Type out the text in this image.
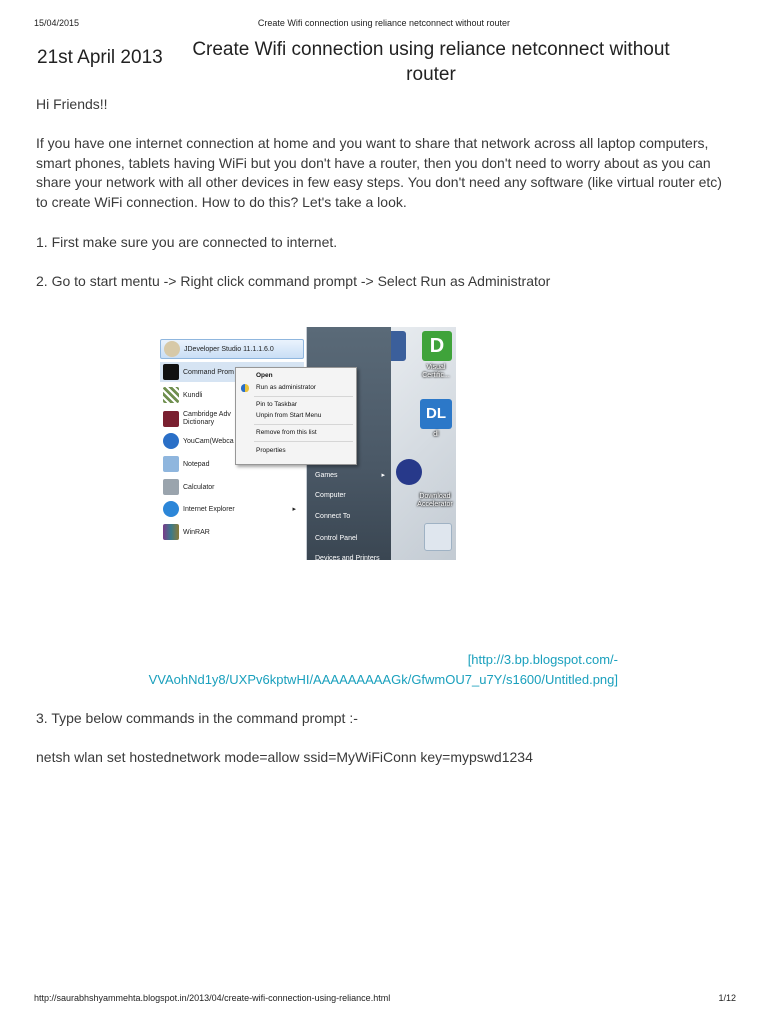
15/04/2015	Create Wifi connection using reliance netconnect without router
21st April 2013	Create Wifi connection using reliance netconnect without router

Hi Friends!!

If you have one internet connection at home and you want to share that network across all laptop computers, smart phones, tablets having WiFi but you don't have a router, then you don't need to worry about as you can share your network with all other devices in few easy steps. You don't need any software (like virtual router etc) to create WiFi connection. How to do this? Let's take a look.

1. First make sure you are connected to internet.

2. Go to start mentu -> Right click command prompt -> Select Run as Administrator

D
Visual Certific...
DL
dl
Download Accelerator
JDeveloper Studio 11.1.1.6.0
Command Prom
Kundli
Cambridge Adv Dictionary
YouCam(Webca
Notepad
Calculator
Internet Explorer	▸
WinRAR
Games	▸
Computer
Connect To
Control Panel
Devices and Printers
Open
Run as administrator
Pin to Taskbar
Unpin from Start Menu
Remove from this list
Properties
[http://3.bp.blogspot.com/-
VVAohNd1y8/UXPv6kptwHI/AAAAAAAAAGk/GfwmOU7_u7Y/s1600/Untitled.png]

3. Type below commands in the command prompt :-

netsh wlan set hostednetwork mode=allow ssid=MyWiFiConn key=mypswd1234

http://saurabhshyammehta.blogspot.in/2013/04/create-wifi-connection-using-reliance.html	1/12
